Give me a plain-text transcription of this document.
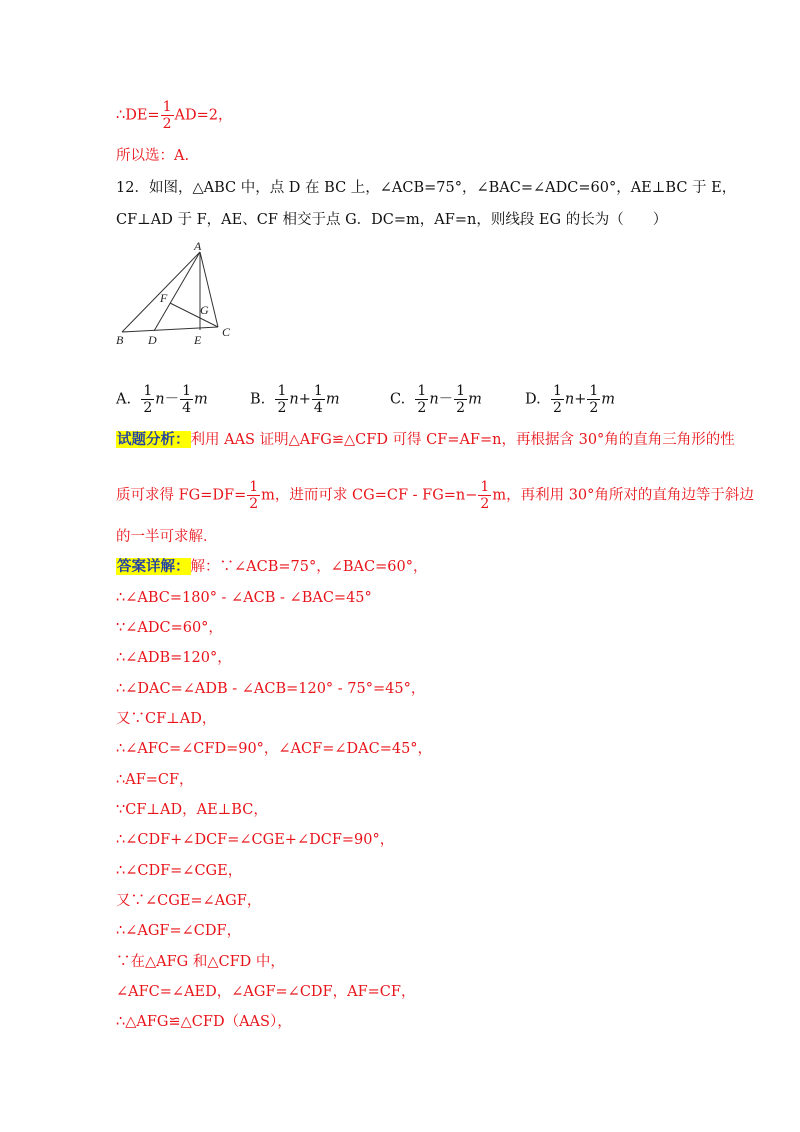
∴DE= $\frac{1}{2} AD=2$，
所以选：A.
12．如图，△ABC 中，点 D 在 BC 上，∠ACB=75°，∠BAC=∠ADC=60°，AE⊥BC 于 E，
CF⊥AD 于 F，AE、CF 相交于点 G．DC=m，AF=n，则线段 EG 的长为（　　）
A
B
C
D	E
F
G
A. $\frac{1}{2} n- \frac{1}{4}$ m	B. $\frac{1}{2} n+ \frac{1}{4}$ m	C. $\frac{1}{2} n- \frac{1}{2}$ m	D. $\frac{1}{2} n+ \frac{1}{2}$ m
试题分析：利用 AAS 证明△AFG≌△CFD 可得 CF=AF=n，再根据含 30°角的直角三角形的性
质可求得 $FG=DF= \frac{1}{2}$ m，进而可求 $CG=CF - FG=n- \frac{1}{2}$ m，再利用 30°角所对的直角边等于斜边
的一半可求解．
答案详解：解：∵∠ACB=75°，∠BAC=60°，
∴∠ABC=180° - ∠ACB - ∠BAC=45°
∵∠ADC=60°，
∴∠ADB=120°，
∴∠DAC=∠ADB - ∠ACB=120° - 75°=45°，
又∵CF⊥AD，
∴∠AFC=∠CFD=90°，∠ACF=∠DAC=45°，
∴AF=CF，
∵CF⊥AD，AE⊥BC，
∴∠CDF+∠DCF=∠CGE+∠DCF=90°，
∴∠CDF=∠CGE，
又∵∠CGE=∠AGF，
∴∠AGF=∠CDF，
∵在△AFG 和△CFD 中，
∠AFC=∠AED，∠AGF=∠CDF，AF=CF，
∴△AFG≌△CFD（AAS），
